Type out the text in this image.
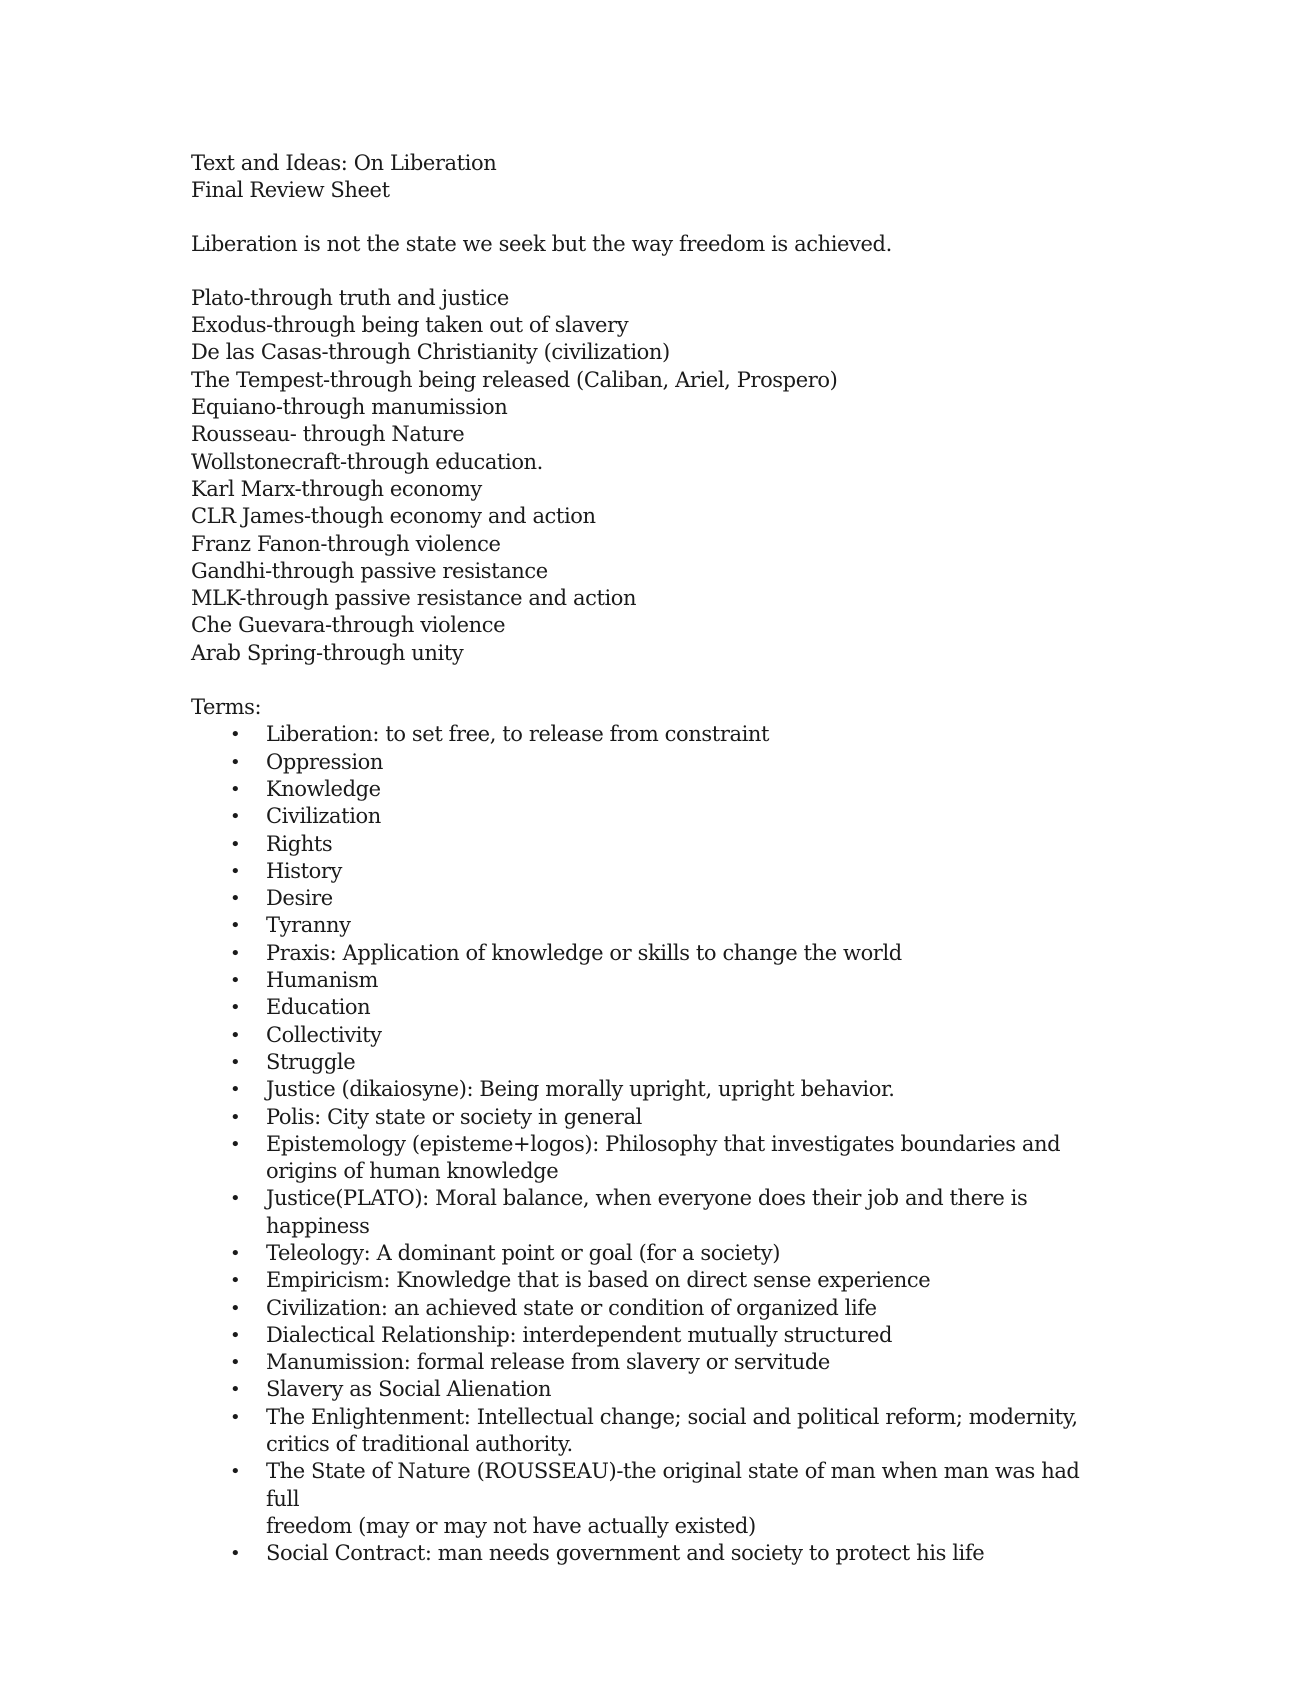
Text and Ideas: On Liberation
Final Review Sheet
Liberation is not the state we seek but the way freedom is achieved.
Plato-through truth and justice
Exodus-through being taken out of slavery
De las Casas-through Christianity (civilization)
The Tempest-through being released (Caliban, Ariel, Prospero)
Equiano-through manumission
Rousseau- through Nature
Wollstonecraft-through education.
Karl Marx-through economy
CLR James-though economy and action
Franz Fanon-through violence
Gandhi-through passive resistance
MLK-through passive resistance and action
Che Guevara-through violence
Arab Spring-through unity
Terms:
• Liberation: to set free, to release from constraint
• Oppression
• Knowledge
• Civilization
• Rights
• History
• Desire
• Tyranny
• Praxis: Application of knowledge or skills to change the world
• Humanism
• Education
• Collectivity
• Struggle
• Justice (dikaiosyne): Being morally upright, upright behavior.
• Polis: City state or society in general
• Epistemology (episteme+logos): Philosophy that investigates boundaries and
origins of human knowledge
• Justice(PLATO): Moral balance, when everyone does their job and there is happiness
• Teleology: A dominant point or goal (for a society)
• Empiricism: Knowledge that is based on direct sense experience
• Civilization: an achieved state or condition of organized life
• Dialectical Relationship: interdependent mutually structured
• Manumission: formal release from slavery or servitude
• Slavery as Social Alienation
• The Enlightenment: Intellectual change; social and political reform; modernity,
critics of traditional authority.
• The State of Nature (ROUSSEAU)-the original state of man when man was had full
freedom (may or may not have actually existed)
• Social Contract: man needs government and society to protect his life
